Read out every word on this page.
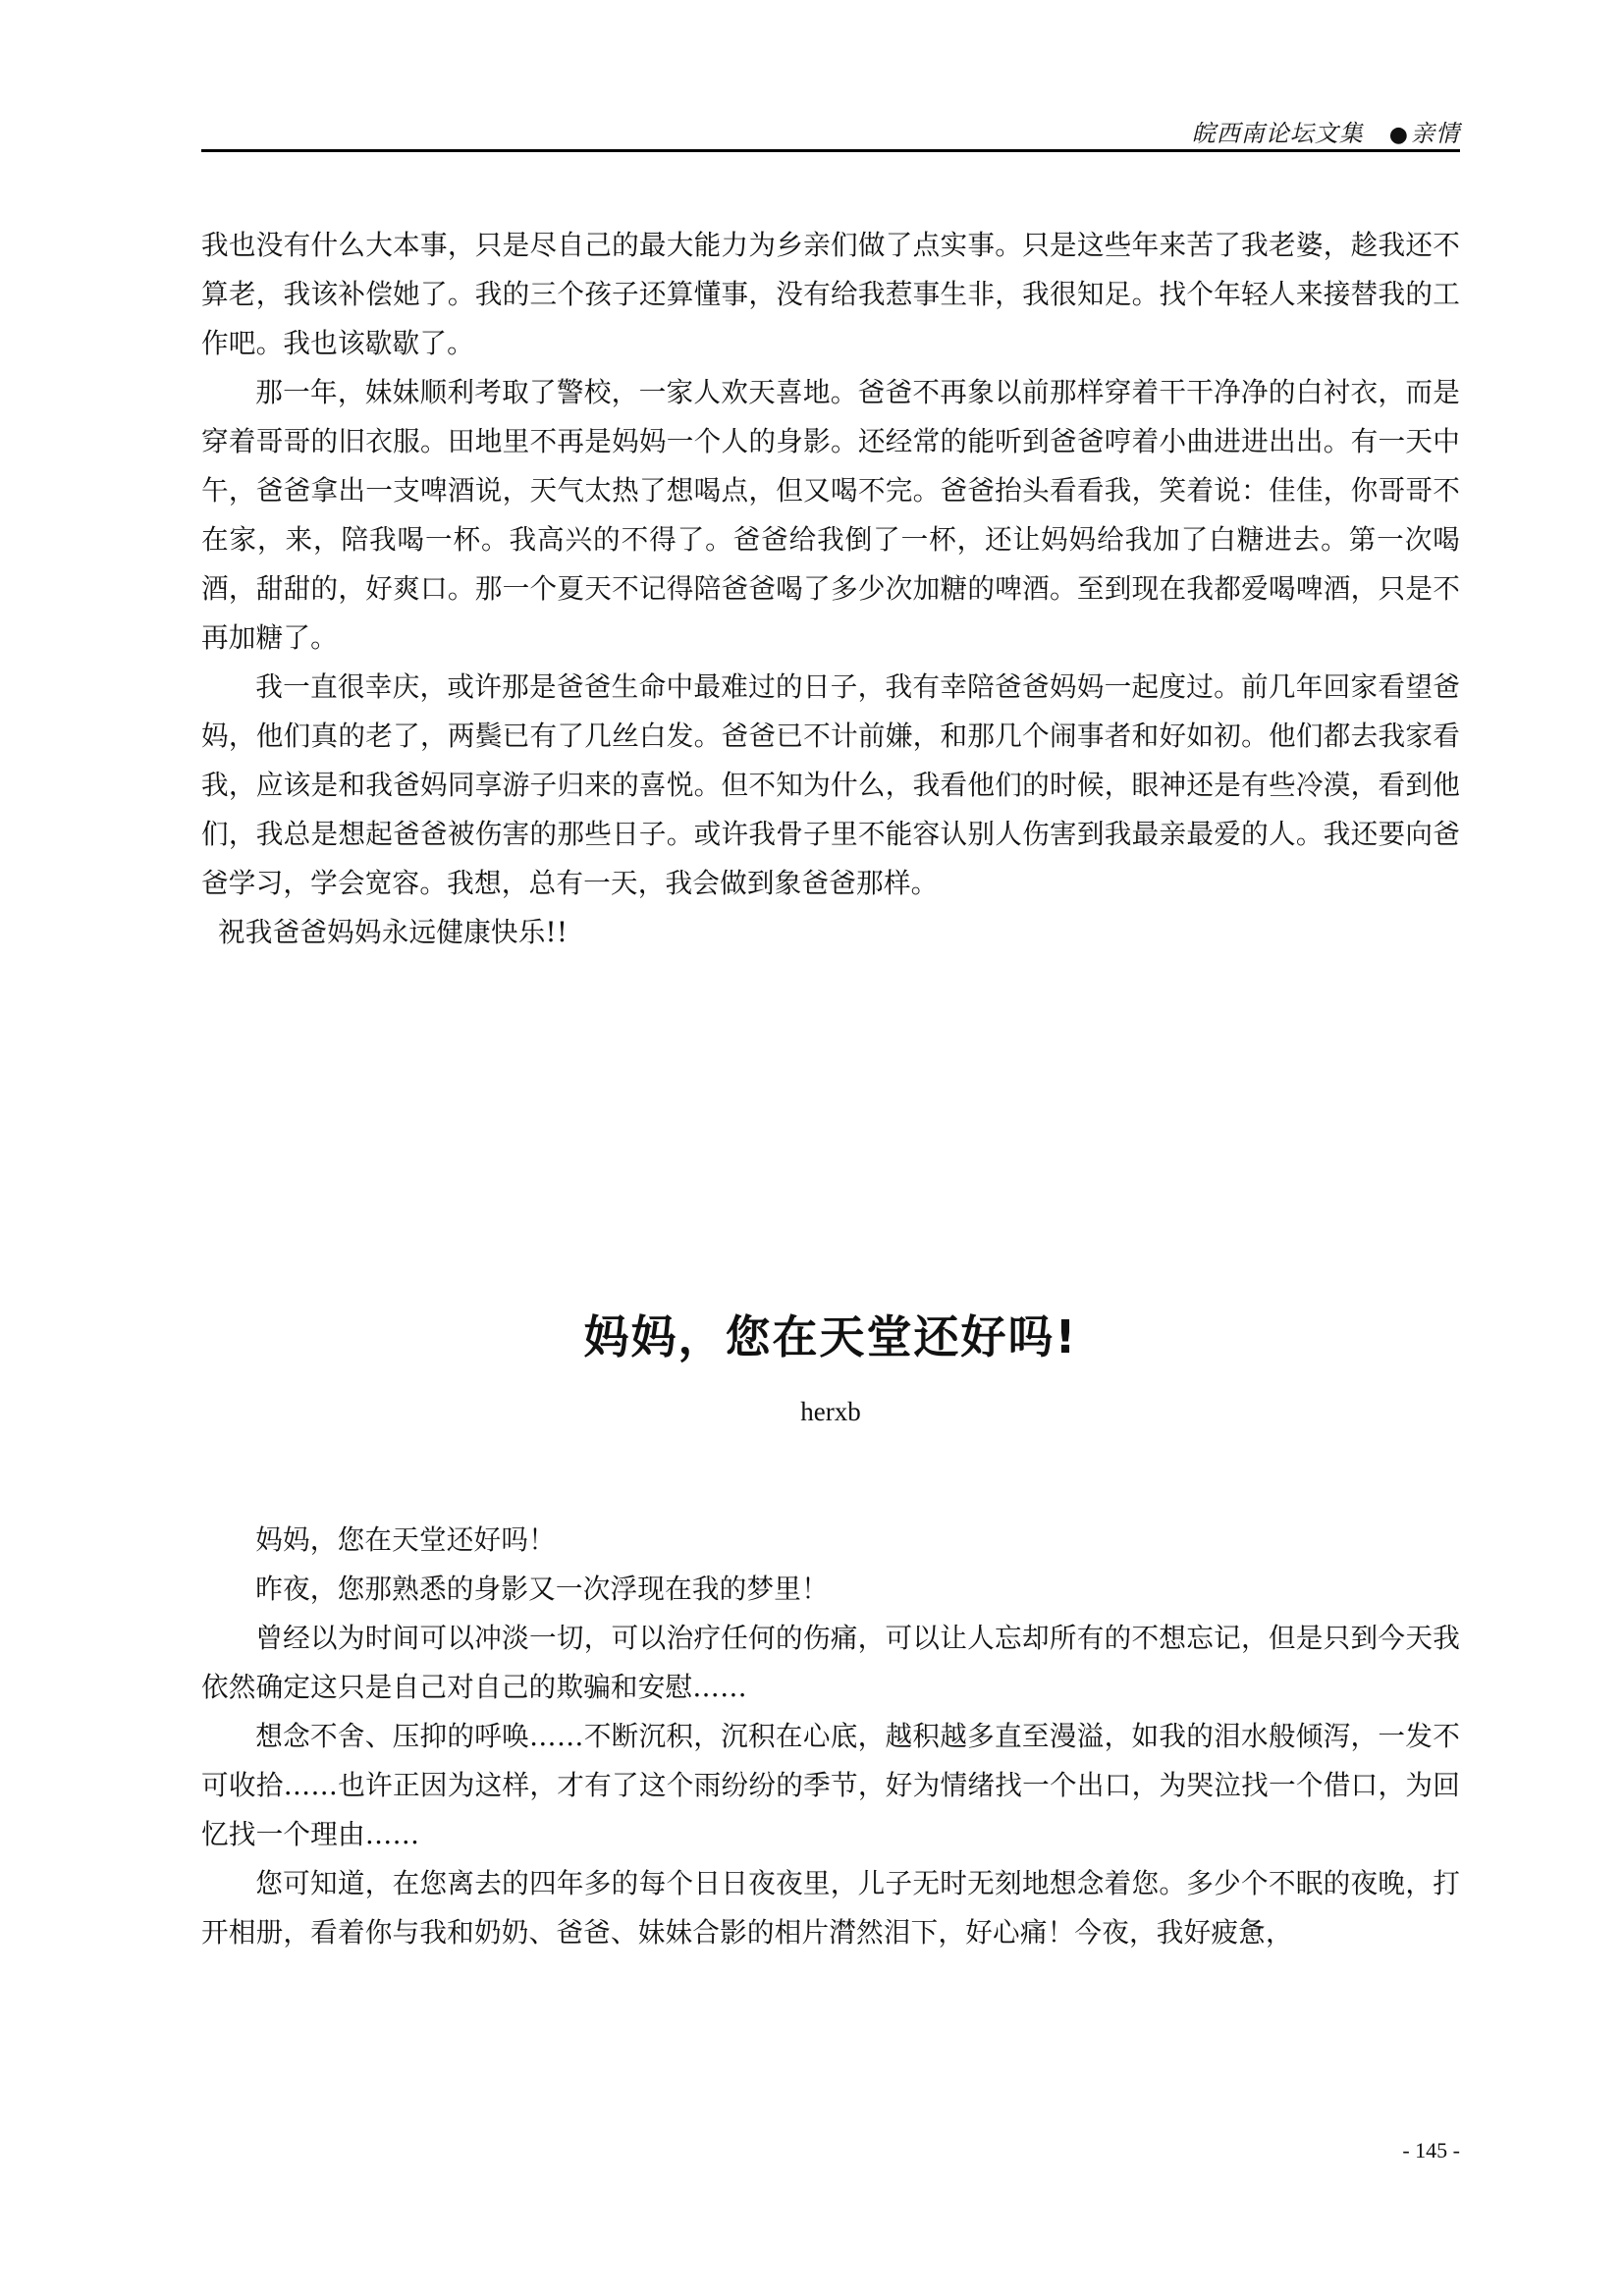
皖西南论坛文集 ●亲情

我也没有什么大本事，只是尽自己的最大能力为乡亲们做了点实事。只是这些年来苦了我老婆，趁我还不算老，我该补偿她了。我的三个孩子还算懂事，没有给我惹事生非，我很知足。找个年轻人来接替我的工作吧。我也该歇歇了。

那一年，妹妹顺利考取了警校，一家人欢天喜地。爸爸不再象以前那样穿着干干净净的白衬衣，而是穿着哥哥的旧衣服。田地里不再是妈妈一个人的身影。还经常的能听到爸爸哼着小曲进进出出。有一天中午，爸爸拿出一支啤酒说，天气太热了想喝点，但又喝不完。爸爸抬头看看我，笑着说：佳佳，你哥哥不在家，来，陪我喝一杯。我高兴的不得了。爸爸给我倒了一杯，还让妈妈给我加了白糖进去。第一次喝酒，甜甜的，好爽口。那一个夏天不记得陪爸爸喝了多少次加糖的啤酒。至到现在我都爱喝啤酒，只是不再加糖了。

我一直很幸庆，或许那是爸爸生命中最难过的日子，我有幸陪爸爸妈妈一起度过。前几年回家看望爸妈，他们真的老了，两鬓已有了几丝白发。爸爸已不计前嫌，和那几个闹事者和好如初。他们都去我家看我，应该是和我爸妈同享游子归来的喜悦。但不知为什么，我看他们的时候，眼神还是有些冷漠，看到他们，我总是想起爸爸被伤害的那些日子。或许我骨子里不能容认别人伤害到我最亲最爱的人。我还要向爸爸学习，学会宽容。我想，总有一天，我会做到象爸爸那样。

祝我爸爸妈妈永远健康快乐!!

妈妈，您在天堂还好吗!
herxb

妈妈，您在天堂还好吗！

昨夜，您那熟悉的身影又一次浮现在我的梦里！

曾经以为时间可以冲淡一切，可以治疗任何的伤痛，可以让人忘却所有的不想忘记，但是只到今天我依然确定这只是自己对自己的欺骗和安慰……

想念不舍、压抑的呼唤……不断沉积，沉积在心底，越积越多直至漫溢，如我的泪水般倾泻，一发不可收拾……也许正因为这样，才有了这个雨纷纷的季节，好为情绪找一个出口，为哭泣找一个借口，为回忆找一个理由……

您可知道，在您离去的四年多的每个日日夜夜里，儿子无时无刻地想念着您。多少个不眠的夜晚，打开相册，看着你与我和奶奶、爸爸、妹妹合影的相片潸然泪下，好心痛！今夜，我好疲惫，

- 145 -
